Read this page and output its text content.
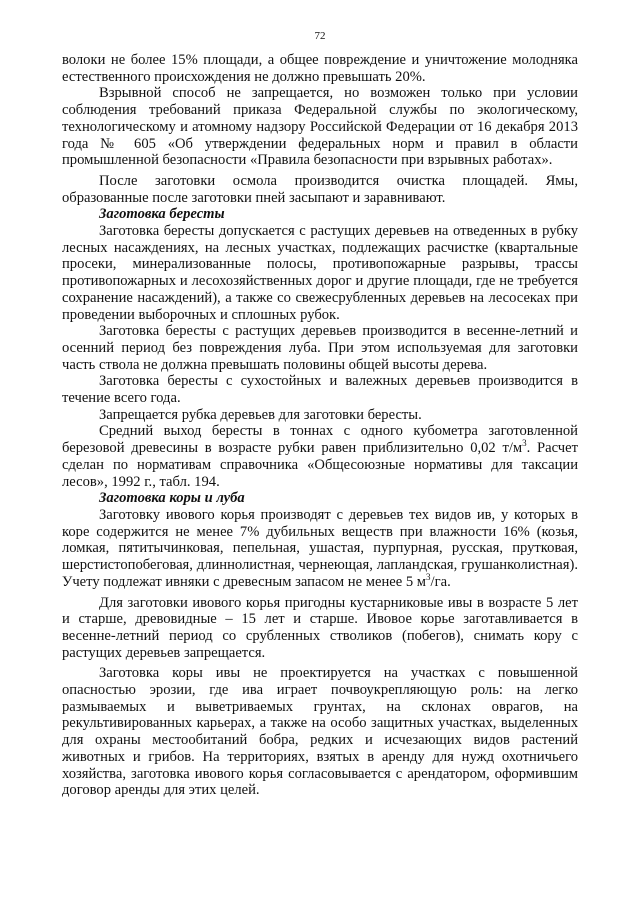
72

волоки не более 15% площади, а общее повреждение и уничтожение молодняка естественного происхождения не должно превышать 20%.

Взрывной способ не запрещается, но возможен только при условии соблюдения требований приказа Федеральной службы по экологическому, технологическому и атомному надзору Российской Федерации от 16 декабря 2013 года № 605 «Об утверждении федеральных норм и правил в области промышленной безопасности «Правила безопасности при взрывных работах».

После заготовки осмола производится очистка площадей. Ямы, образованные после заготовки пней засыпают и заравнивают.

Заготовка бересты

Заготовка бересты допускается с растущих деревьев на отведенных в рубку лесных насаждениях, на лесных участках, подлежащих расчистке (квартальные просеки, минерализованные полосы, противопожарные разрывы, трассы противопожарных и лесохозяйственных дорог и другие площади, где не требуется сохранение насаждений), а также со свежесрубленных деревьев на лесосеках при проведении выборочных и сплошных рубок.

Заготовка бересты с растущих деревьев производится в весенне-летний и осенний период без повреждения луба. При этом используемая для заготовки часть ствола не должна превышать половины общей высоты дерева.

Заготовка бересты с сухостойных и валежных деревьев производится в течение всего года.

Запрещается рубка деревьев для заготовки бересты.

Средний выход бересты в тоннах с одного кубометра заготовленной березовой древесины в возрасте рубки равен приблизительно 0,02 $т/м^3$. Расчет сделан по нормативам справочника «Общесоюзные нормативы для таксации лесов», 1992 г., табл. 194.

Заготовка коры и луба

Заготовку ивового корья производят с деревьев тех видов ив, у которых в коре содержится не менее 7% дубильных веществ при влажности 16% (козья, ломкая, пятитычинковая, пепельная, ушастая, пурпурная, русская, прутковая, шерстистопобеговая, длиннолистная, чернеющая, лапландская, грушанколистная). Учету подлежат ивняки с древесным запасом не менее 5 $м^3/га$.

Для заготовки ивового корья пригодны кустарниковые ивы в возрасте 5 лет и старше, древовидные – 15 лет и старше. Ивовое корье заготавливается в весенне-летний период со срубленных стволиков (побегов), снимать кору с растущих деревьев запрещается.

Заготовка коры ивы не проектируется на участках с повышенной опасностью эрозии, где ива играет почвоукрепляющую роль: на легко размываемых и выветриваемых грунтах, на склонах оврагов, на рекультивированных карьерах, а также на особо защитных участках, выделенных для охраны местообитаний бобра, редких и исчезающих видов растений животных и грибов. На территориях, взятых в аренду для нужд охотничьего хозяйства, заготовка ивового корья согласовывается с арендатором, оформившим договор аренды для этих целей.
